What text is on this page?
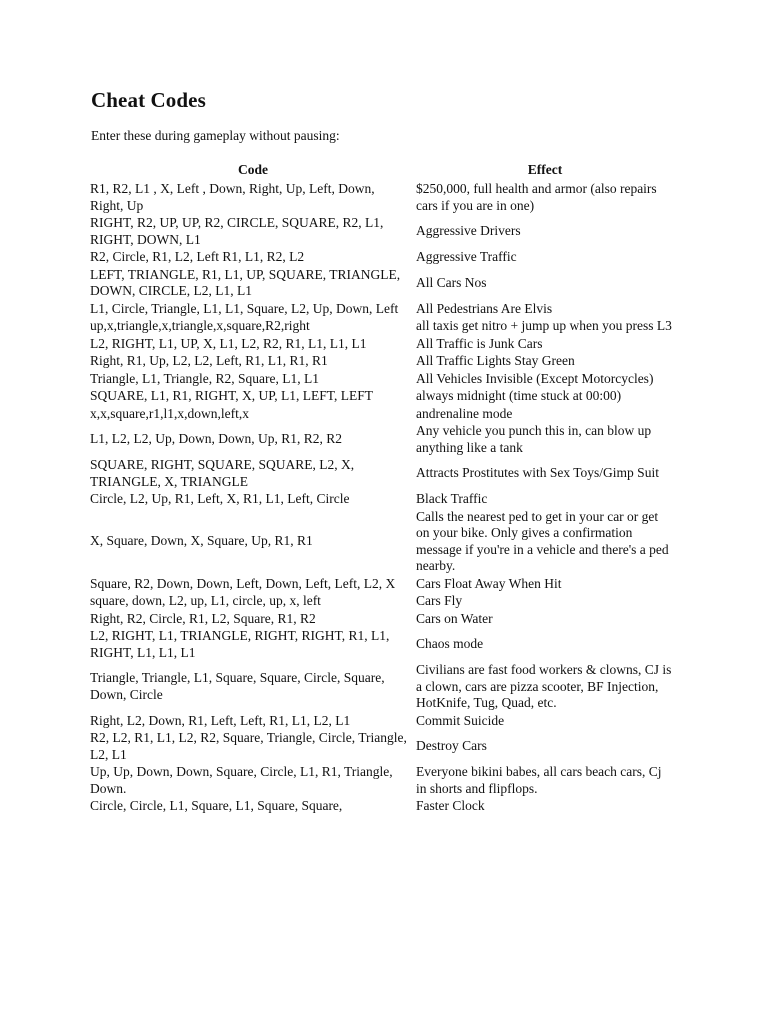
Cheat Codes

Enter these during gameplay without pausing:

Code	Effect
R1, R2, L1 , X, Left , Down, Right, Up, Left, Down, Right, Up	$250,000, full health and armor (also repairs cars if you are in one)
RIGHT, R2, UP, UP, R2, CIRCLE, SQUARE, R2, L1, RIGHT, DOWN, L1	Aggressive Drivers
R2, Circle, R1, L2, Left R1, L1, R2, L2	Aggressive Traffic
LEFT, TRIANGLE, R1, L1, UP, SQUARE, TRIANGLE, DOWN, CIRCLE, L2, L1, L1	All Cars Nos
L1, Circle, Triangle, L1, L1, Square, L2, Up, Down, Left	All Pedestrians Are Elvis
up,x,triangle,x,triangle,x,square,R2,right	all taxis get nitro + jump up when you press L3
L2, RIGHT, L1, UP, X, L1, L2, R2, R1, L1, L1, L1	All Traffic is Junk Cars
Right, R1, Up, L2, L2, Left, R1, L1, R1, R1	All Traffic Lights Stay Green
Triangle, L1, Triangle, R2, Square, L1, L1	All Vehicles Invisible (Except Motorcycles)
SQUARE, L1, R1, RIGHT, X, UP, L1, LEFT, LEFT	always midnight (time stuck at 00:00)
x,x,square,r1,l1,x,down,left,x	andrenaline mode
L1, L2, L2, Up, Down, Down, Up, R1, R2, R2	Any vehicle you punch this in, can blow up anything like a tank
SQUARE, RIGHT, SQUARE, SQUARE, L2, X, TRIANGLE, X, TRIANGLE	Attracts Prostitutes with Sex Toys/Gimp Suit
Circle, L2, Up, R1, Left, X, R1, L1, Left, Circle	Black Traffic
X, Square, Down, X, Square, Up, R1, R1	Calls the nearest ped to get in your car or get on your bike. Only gives a confirmation message if you're in a vehicle and there's a ped nearby.
Square, R2, Down, Down, Left, Down, Left, Left, L2, X	Cars Float Away When Hit
square, down, L2, up, L1, circle, up, x, left	Cars Fly
Right, R2, Circle, R1, L2, Square, R1, R2	Cars on Water
L2, RIGHT, L1, TRIANGLE, RIGHT, RIGHT, R1, L1, RIGHT, L1, L1, L1	Chaos mode
Triangle, Triangle, L1, Square, Square, Circle, Square, Down, Circle	Civilians are fast food workers & clowns, CJ is a clown, cars are pizza scooter, BF Injection, HotKnife, Tug, Quad, etc.
Right, L2, Down, R1, Left, Left, R1, L1, L2, L1	Commit Suicide
R2, L2, R1, L1, L2, R2, Square, Triangle, Circle, Triangle, L2, L1	Destroy Cars
Up, Up, Down, Down, Square, Circle, L1, R1, Triangle, Down.	Everyone bikini babes, all cars beach cars, Cj in shorts and flipflops.
Circle, Circle, L1, Square, L1, Square, Square,	Faster Clock
